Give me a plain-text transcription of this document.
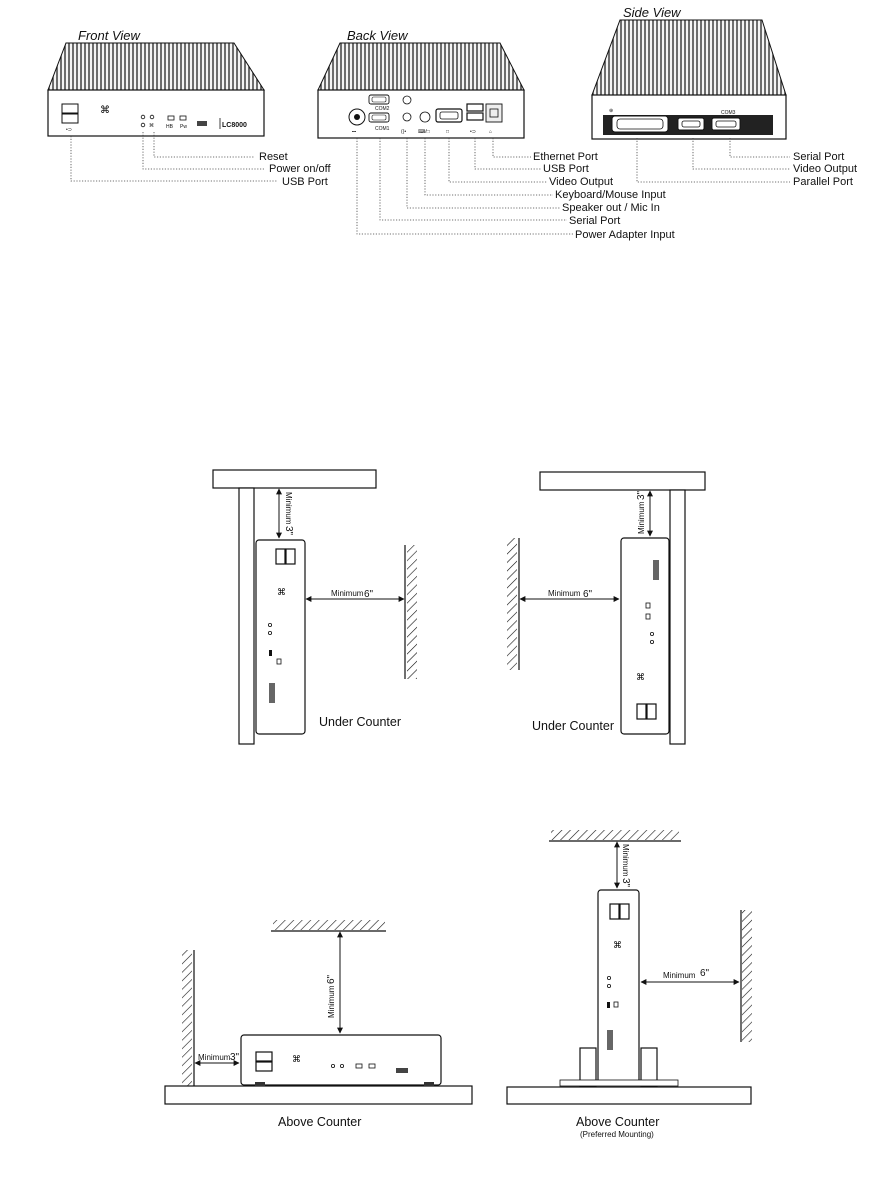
Front View
•⊃
⌘
⌘ HB Pw	LC8000
Reset
Power on/off
USB Port
Back View
⎓
COM2
COM1 ((• ⌨/□	□	•⊃	⌂
Ethernet Port
USB Port
Video Output
Keyboard/Mouse Input
Speaker out / Mic In
Serial Port
Power Adapter Input
Side View
COM3
⊕
Serial Port
Video Output
Parallel Port
⌘
Minimum
3"
Minimum 6"
Under Counter
⌘
Minimum
3"
Minimum 6"
Under Counter
⌘
Minimum
6"
Minimum 3"
Above Counter
⌘
Minimum
3"
Minimum 6"
Above Counter
(Preferred Mounting)
